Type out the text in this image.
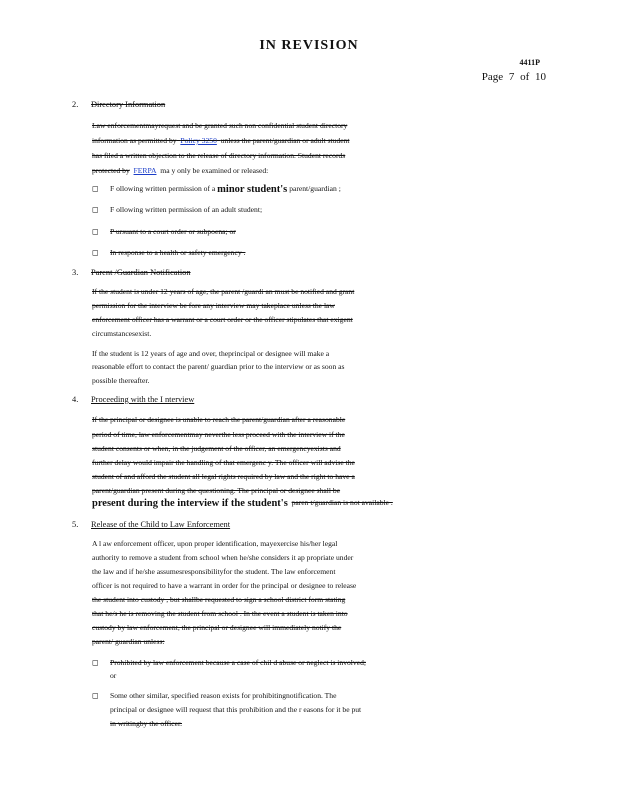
IN REVISION
4411P
Page 7 of 10
2. Directory Information
Law enforcementmayrequest and be granted such non confidential student directory
information as permitted by
Policy 3250
unless the parent/guardian or adult student
has filed a written objection to the release of directory information. Student records
protected by
FERPA
ma y only be examined or released:
◻ F ollowing written permission of a
minor student's
parent/guardian ;
◻ F ollowing written permission of an adult student;
◻ P ursuant to a court order or subpoena; or
◻ In response to a health or safety emergency .
3. Parent /Guardian Notification
If the student is under 12 years of age, the parent /guardi an must be notified and grant
permission for the interview be fore any interview may takeplace unless the law
enforcement officer has a warrant or a court order or the officer stipulates that exigent
circumstancesexist.
If the student is 12 years of age and over, theprincipal or designee will make a
reasonable effort to contact the parent/ guardian prior to the interview or as soon as
possible thereafter.
4. Proceeding with the I nterview
If the principal or designee is unable to reach the parent/guardian after a reasonable
period of time, law enforcementmay neverthe less proceed with the interview if the
student consents or when, in the judgement of the officer, an emergencyexists and
further delay would impair the handling of that emergenc y. The officer will advise the
student of and afford the student all legal rights required by law and the right to have a
parent/guardian present during the questioning. The principal or designee shall be
present during the interview if the student's
paren t/guardian is not available .
5. Release of the Child to Law Enforcement
A l aw enforcement officer, upon proper identification, mayexercise his/her legal
authority to remove a student from school when he/she considers it ap propriate under
the law and if he/she assumesresponsibilityfor the student. The law enforcement
officer is not required to have a warrant in order for the principal or designee to release
the student into custody , but shallbe requested to sign a school district form stating
that he/s he is removing the student from school . In the event a student is taken into
custody by law enforcement, the principal or designee will immediately notify the
parent/ guardian unless:
◻ Prohibited by law enforcement because a case of chil d abuse or neglect is involved;
or
◻ Some other similar, specified reason exists for prohibitingnotification. The
principal or designee will request that this prohibition and the r easons for it be put
in writingby the officer.
